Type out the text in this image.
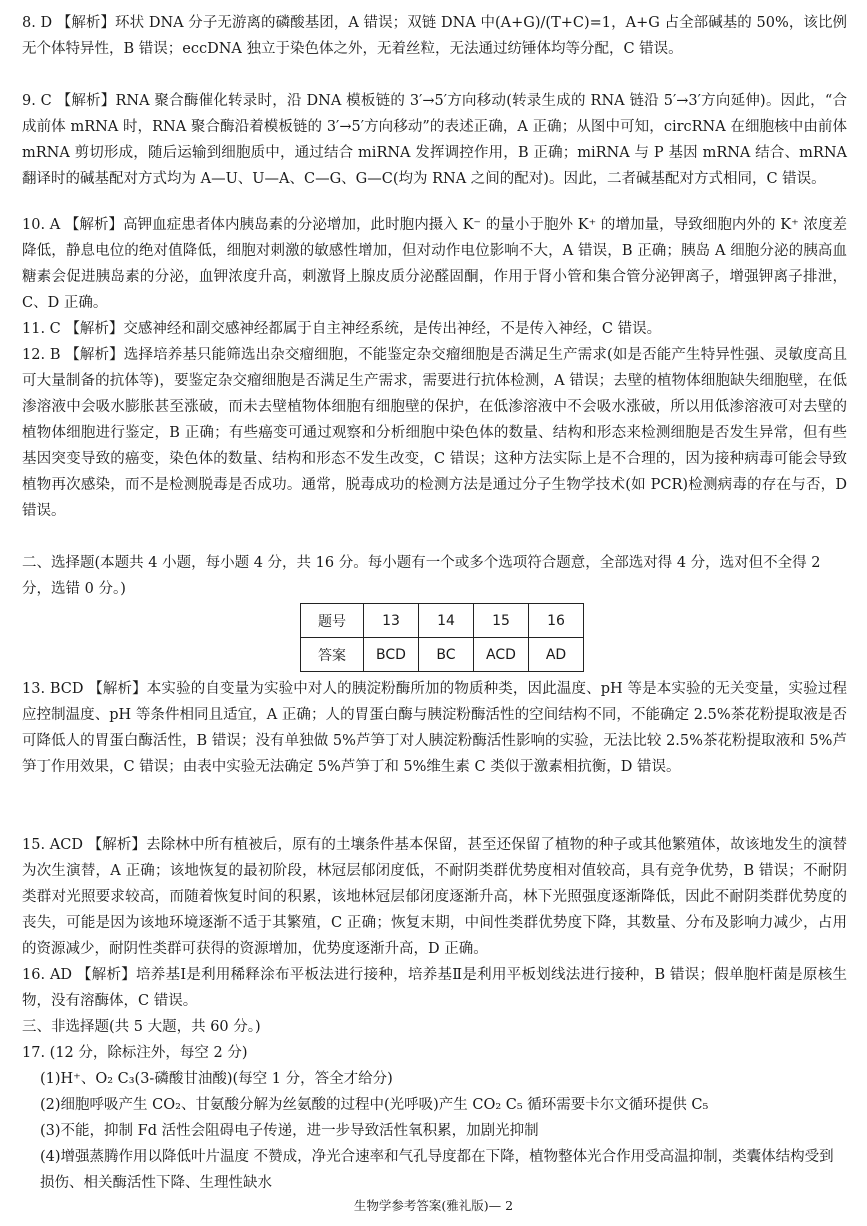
8. D 【解析】环状 DNA 分子无游离的磷酸基团，A 错误；双链 DNA 中(A+G)/(T+C)=1，A+G 占全部碱基的 50%，该比例无个体特异性，B 错误；eccDNA 独立于染色体之外，无着丝粒，无法通过纺锤体均等分配，C 错误。
9. C 【解析】RNA 聚合酶催化转录时，沿 DNA 模板链的 3′→5′方向移动(转录生成的 RNA 链沿 5′→3′方向延伸)。因此，“合成前体 mRNA 时，RNA 聚合酶沿着模板链的 3′→5′方向移动”的表述正确，A 正确；从图中可知，circRNA 在细胞核中由前体 mRNA 剪切形成，随后运输到细胞质中，通过结合 miRNA 发挥调控作用，B 正确；miRNA 与 P 基因 mRNA 结合、mRNA 翻译时的碱基配对方式均为 A—U、U—A、C—G、G—C(均为 RNA 之间的配对)。因此，二者碱基配对方式相同，C 错误。
10. A 【解析】高钾血症患者体内胰岛素的分泌增加，此时胞内摄入 K⁻ 的量小于胞外 K⁺ 的增加量，导致细胞内外的 K⁺ 浓度差降低，静息电位的绝对值降低，细胞对刺激的敏感性增加，但对动作电位影响不大，A 错误，B 正确；胰岛 A 细胞分泌的胰高血糖素会促进胰岛素的分泌，血钾浓度升高，刺激肾上腺皮质分泌醛固酮，作用于肾小管和集合管分泌钾离子，增强钾离子排泄，C、D 正确。
11. C 【解析】交感神经和副交感神经都属于自主神经系统，是传出神经，不是传入神经，C 错误。
12. B 【解析】选择培养基只能筛选出杂交瘤细胞，不能鉴定杂交瘤细胞是否满足生产需求(如是否能产生特异性强、灵敏度高且可大量制备的抗体等)，要鉴定杂交瘤细胞是否满足生产需求，需要进行抗体检测，A 错误；去壁的植物体细胞缺失细胞壁，在低渗溶液中会吸水膨胀甚至涨破，而未去壁植物体细胞有细胞壁的保护，在低渗溶液中不会吸水涨破，所以用低渗溶液可对去壁的植物体细胞进行鉴定，B 正确；有些癌变可通过观察和分析细胞中染色体的数量、结构和形态来检测细胞是否发生异常，但有些基因突变导致的癌变，染色体的数量、结构和形态不发生改变，C 错误；这种方法实际上是不合理的，因为接种病毒可能会导致植物再次感染，而不是检测脱毒是否成功。通常，脱毒成功的检测方法是通过分子生物学技术(如 PCR)检测病毒的存在与否，D 错误。
二、选择题(本题共 4 小题，每小题 4 分，共 16 分。每小题有一个或多个选项符合题意，全部选对得 4 分，选对但不全得 2 分，选错 0 分。)
题号	13	14	15	16
答案	BCD	BC	ACD	AD
13. BCD 【解析】本实验的自变量为实验中对人的胰淀粉酶所加的物质种类，因此温度、pH 等是本实验的无关变量，实验过程应控制温度、pH 等条件相同且适宜，A 正确；人的胃蛋白酶与胰淀粉酶活性的空间结构不同，不能确定 2.5%茶花粉提取液是否可降低人的胃蛋白酶活性，B 错误；没有单独做 5%芦笋丁对人胰淀粉酶活性影响的实验，无法比较 2.5%茶花粉提取液和 5%芦笋丁作用效果，C 错误；由表中实验无法确定 5%芦笋丁和 5%维生素 C 类似于激素相抗衡，D 错误。
15. ACD 【解析】去除林中所有植被后，原有的土壤条件基本保留，甚至还保留了植物的种子或其他繁殖体，故该地发生的演替为次生演替，A 正确；该地恢复的最初阶段，林冠层郁闭度低，不耐阴类群优势度相对值较高，具有竞争优势，B 错误；不耐阴类群对光照要求较高，而随着恢复时间的积累，该地林冠层郁闭度逐渐升高，林下光照强度逐渐降低，因此不耐阴类群优势度的丧失，可能是因为该地环境逐渐不适于其繁殖，C 正确；恢复末期，中间性类群优势度下降，其数量、分布及影响力减少，占用的资源减少，耐阴性类群可获得的资源增加，优势度逐渐升高，D 正确。
16. AD 【解析】培养基Ⅰ是利用稀释涂布平板法进行接种，培养基Ⅱ是利用平板划线法进行接种，B 错误；假单胞杆菌是原核生物，没有溶酶体，C 错误。
三、非选择题(共 5 大题，共 60 分。)
17. (12 分，除标注外，每空 2 分)
(1)H⁺、O₂ C₃(3-磷酸甘油酸)(每空 1 分，答全才给分)
(2)细胞呼吸产生 CO₂、甘氨酸分解为丝氨酸的过程中(光呼吸)产生 CO₂ C₅ 循环需要卡尔文循环提供 C₅
(3)不能，抑制 Fd 活性会阻碍电子传递，进一步导致活性氧积累，加剧光抑制
(4)增强蒸腾作用以降低叶片温度 不赞成，净光合速率和气孔导度都在下降，植物整体光合作用受高温抑制，类囊体结构受到损伤、相关酶活性下降、生理性缺水
生物学参考答案(雅礼版)— 2
